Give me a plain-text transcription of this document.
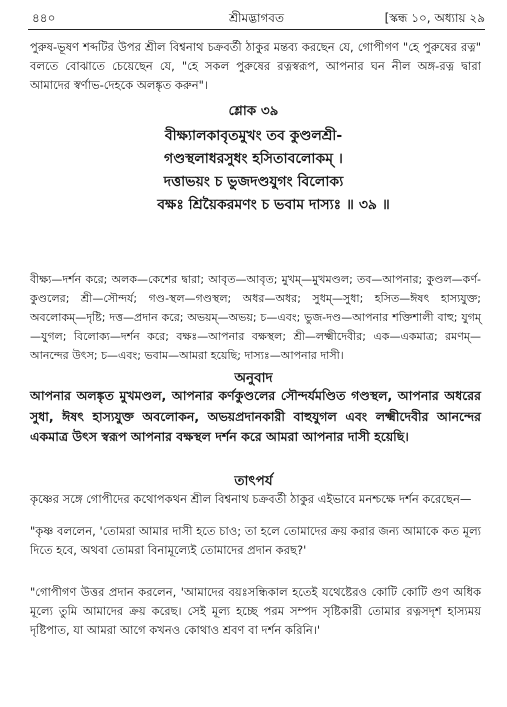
৪৪০	শ্রীমদ্ভাগবত	[স্কন্ধ ১০, অধ্যায় ২৯
পুরুষ-ভূষণ শব্দটির উপর শ্রীল বিশ্বনাথ চক্রবর্তী ঠাকুর মন্তব্য করছেন যে, গোপীগণ "হে পুরুষের রত্ন" বলতে বোঝাতে চেয়েছেন যে, "হে সকল পুরুষের রত্নস্বরূপ, আপনার ঘন নীল অঙ্গ-রত্ন দ্বারা আমাদের স্বর্ণাভ-দেহকে অলঙ্কৃত করুন"।
শ্লোক ৩৯
বীক্ষ্যালকাবৃতমুখং তব কুণ্ডলশ্রী-
গণ্ডস্থলাধরসুধং হসিতাবলোকম্‌ ।
দত্তাভয়ং চ ভুজদণ্ডযুগং বিলোক্য
বক্ষঃ শ্রিয়ৈকরমণং চ ভবাম দাস্যঃ ॥ ৩৯ ॥
বীক্ষ্য—দর্শন করে; অলক—কেশের দ্বারা; আবৃত—আবৃত; মুখম্‌—মুখমণ্ডল; তব—আপনার; কুণ্ডল—কর্ণ-কুণ্ডলের; শ্রী—সৌন্দর্য; গণ্ড-স্থল—গণ্ডস্থল; অধর—অধর; সুধম্‌—সুধা; হসিত—ঈষৎ হাস্যযুক্ত; অবলোকম্‌—দৃষ্টি; দত্ত—প্রদান করে; অভয়ম্‌—অভয়; চ—এবং; ভুজ-দণ্ড—আপনার শক্তিশালী বাহু; যুগম্‌—যুগল; বিলোক্য—দর্শন করে; বক্ষঃ—আপনার বক্ষস্থল; শ্রী—লক্ষ্মীদেবীর; এক—একমাত্র; রমণম্‌—আনন্দের উৎস; চ—এবং; ভবাম—আমরা হয়েছি; দাস্যঃ—আপনার দাসী।
অনুবাদ
আপনার অলঙ্কৃত মুখমণ্ডল, আপনার কর্ণকুণ্ডলের সৌন্দর্যমণ্ডিত গণ্ডস্থল, আপনার অধরের সুধা, ঈষৎ হাস্যযুক্ত অবলোকন, অভয়প্রদানকারী বাহুযুগল এবং লক্ষ্মীদেবীর আনন্দের একমাত্র উৎস স্বরূপ আপনার বক্ষস্থল দর্শন করে আমরা আপনার দাসী হয়েছি।
তাৎপর্য
কৃষ্ণের সঙ্গে গোপীদের কথোপকথন শ্রীল বিশ্বনাথ চক্রবর্তী ঠাকুর এইভাবে মনশ্চক্ষে দর্শন করেছেন—
"কৃষ্ণ বললেন, 'তোমরা আমার দাসী হতে চাও; তা হলে তোমাদের ক্রয় করার জন্য আমাকে কত মূল্য দিতে হবে, অথবা তোমরা বিনামূল্যেই তোমাদের প্রদান করছ?'
"গোপীগণ উত্তর প্রদান করলেন, 'আমাদের বয়ঃসন্ধিকাল হতেই যথেষ্টেরও কোটি কোটি গুণ অধিক মূল্যে তুমি আমাদের ক্রয় করেছ। সেই মূল্য হচ্ছে পরম সম্পদ সৃষ্টিকারী তোমার রত্নসদৃশ হাস্যময় দৃষ্টিপাত, যা আমরা আগে কখনও কোথাও শ্রবণ বা দর্শন করিনি।'
